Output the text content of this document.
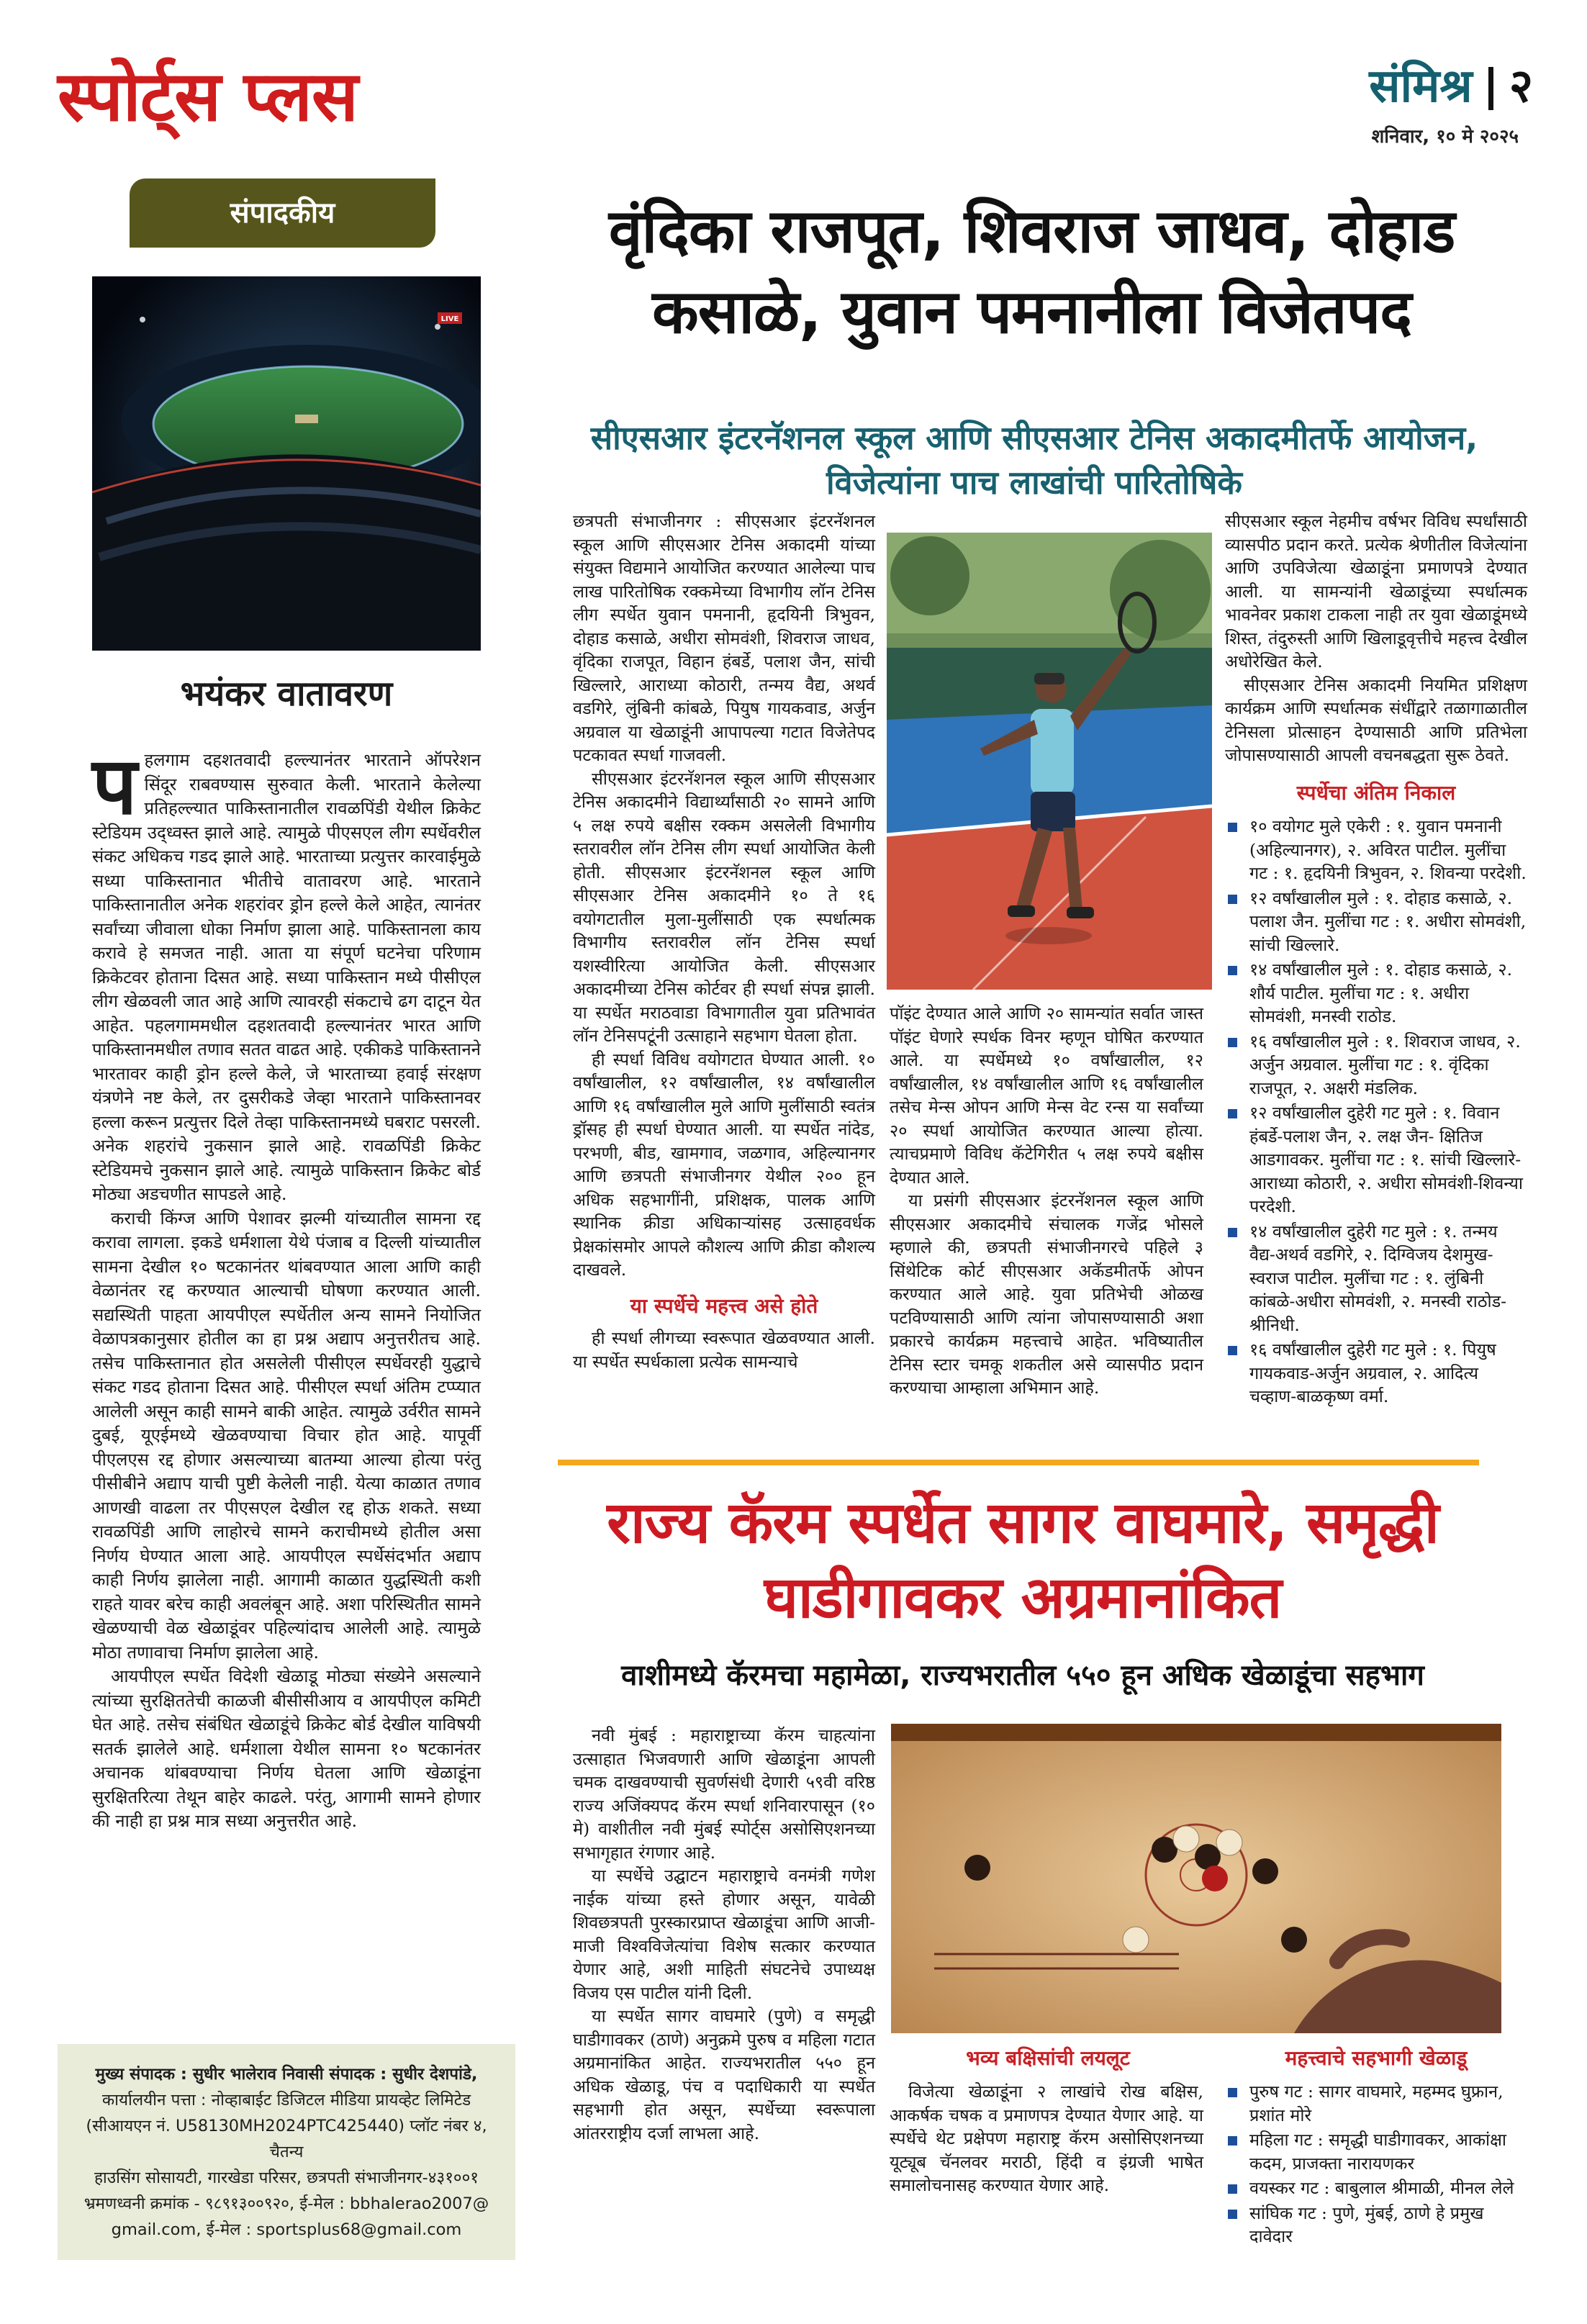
स्पोर्ट्स प्लस	संमिश्र २
शनिवार, १० मे २०२५
संपादकीय
LIVE
भयंकर वातावरण

पहलगाम दहशतवादी हल्ल्यानंतर भारताने ऑपरेशन सिंदूर राबवण्यास सुरुवात केली. भारताने केलेल्या प्रतिहल्ल्यात पाकिस्तानातील रावळपिंडी येथील क्रिकेट स्टेडियम उद्ध्वस्त झाले आहे. त्यामुळे पीएसएल लीग स्पर्धेवरील संकट अधिकच गडद झाले आहे. भारताच्या प्रत्युत्तर कारवाईमुळे सध्या पाकिस्तानात भीतीचे वातावरण आहे. भारताने पाकिस्तानातील अनेक शहरांवर ड्रोन हल्ले केले आहेत, त्यानंतर सर्वांच्या जीवाला धोका निर्माण झाला आहे. पाकिस्तानला काय करावे हे समजत नाही. आता या संपूर्ण घटनेचा परिणाम क्रिकेटवर होताना दिसत आहे. सध्या पाकिस्तान मध्ये पीसीएल लीग खेळवली जात आहे आणि त्यावरही संकटाचे ढग दाटून येत आहेत. पहलगाममधील दहशतवादी हल्ल्यानंतर भारत आणि पाकिस्तानमधील तणाव सतत वाढत आहे. एकीकडे पाकिस्तानने भारतावर काही ड्रोन हल्ले केले, जे भारताच्या हवाई संरक्षण यंत्रणेने नष्ट केले, तर दुसरीकडे जेव्हा भारताने पाकिस्तानवर हल्ला करून प्रत्युत्तर दिले तेव्हा पाकिस्तानमध्ये घबराट पसरली. अनेक शहरांचे नुकसान झाले आहे. रावळपिंडी क्रिकेट स्टेडियमचे नुकसान झाले आहे. त्यामुळे पाकिस्तान क्रिकेट बोर्ड मोठ्या अडचणीत सापडले आहे.

कराची किंग्ज आणि पेशावर झल्मी यांच्यातील सामना रद्द करावा लागला. इकडे धर्मशाला येथे पंजाब व दिल्ली यांच्यातील सामना देखील १० षटकानंतर थांबवण्यात आला आणि काही वेळानंतर रद्द करण्यात आल्याची घोषणा करण्यात आली. सद्यस्थिती पाहता आयपीएल स्पर्धेतील अन्य सामने नियोजित वेळापत्रकानुसार होतील का हा प्रश्न अद्याप अनुत्तरीतच आहे. तसेच पाकिस्तानात होत असलेली पीसीएल स्पर्धेवरही युद्धाचे संकट गडद होताना दिसत आहे. पीसीएल स्पर्धा अंतिम टप्प्यात आलेली असून काही सामने बाकी आहेत. त्यामुळे उर्वरीत सामने दुबई, यूएईमध्ये खेळवण्याचा विचार होत आहे. यापूर्वी पीएलएस रद्द होणार असल्याच्या बातम्या आल्या होत्या परंतु पीसीबीने अद्याप याची पुष्टी केलेली नाही. येत्या काळात तणाव आणखी वाढला तर पीएसएल देखील रद्द होऊ शकते. सध्या रावळपिंडी आणि लाहोरचे सामने कराचीमध्ये होतील असा निर्णय घेण्यात आला आहे. आयपीएल स्पर्धेसंदर्भात अद्याप काही निर्णय झालेला नाही. आगामी काळात युद्धस्थिती कशी राहते यावर बरेच काही अवलंबून आहे. अशा परिस्थितीत सामने खेळण्याची वेळ खेळाडूंवर पहिल्यांदाच आलेली आहे. त्यामुळे मोठा तणावाचा निर्माण झालेला आहे.

आयपीएल स्पर्धेत विदेशी खेळाडू मोठ्या संख्येने असल्याने त्यांच्या सुरक्षिततेची काळजी बीसीसीआय व आयपीएल कमिटी घेत आहे. तसेच संबंधित खेळाडूंचे क्रिकेट बोर्ड देखील याविषयी सतर्क झालेले आहे. धर्मशाला येथील सामना १० षटकानंतर अचानक थांबवण्याचा निर्णय घेतला आणि खेळाडूंना सुरक्षितरित्या तेथून बाहेर काढले. परंतु, आगामी सामने होणार की नाही हा प्रश्न मात्र सध्या अनुत्तरीत आहे.

मुख्य संपादक : सुधीर भालेराव निवासी संपादक : सुधीर देशपांडे,
कार्यालयीन पत्ता : नोव्हाबाईट डिजिटल मीडिया प्रायव्हेट लिमिटेड
(सीआयएन नं. U58130MH2024PTC425440) प्लॉट नंबर ४, चैतन्य
हाउसिंग सोसायटी, गारखेडा परिसर, छत्रपती संभाजीनगर-४३१००१
भ्रमणध्वनी क्रमांक - ९८९१३००९२०, ई-मेल : bbhalerao2007@
gmail.com, ई-मेल : sportsplus68@gmail.com
वृंदिका राजपूत, शिवराज जाधव, दोहाड कसाळे, युवान पमनानीला विजेतपद
सीएसआर इंटरनॅशनल स्कूल आणि सीएसआर टेनिस अकादमीतर्फे आयोजन, विजेत्यांना पाच लाखांची पारितोषिके

छत्रपती संभाजीनगर : सीएसआर इंटरनॅशनल स्कूल आणि सीएसआर टेनिस अकादमी यांच्या संयुक्त विद्यमाने आयोजित करण्यात आलेल्या पाच लाख पारितोषिक रक्कमेच्या विभागीय लॉन टेनिस लीग स्पर्धेत युवान पमनानी, हृदयिनी त्रिभुवन, दोहाड कसाळे, अधीरा सोमवंशी, शिवराज जाधव, वृंदिका राजपूत, विहान हंबर्डे, पलाश जैन, सांची खिल्लारे, आराध्या कोठारी, तन्मय वैद्य, अथर्व वडगिरे, लुंबिनी कांबळे, पियुष गायकवाड, अर्जुन अग्रवाल या खेळाडूंनी आपापल्या गटात विजेतेपद पटकावत स्पर्धा गाजवली.

सीएसआर इंटरनॅशनल स्कूल आणि सीएसआर टेनिस अकादमीने विद्यार्थ्यांसाठी २० सामने आणि ५ लक्ष रुपये बक्षीस रक्कम असलेली विभागीय स्तरावरील लॉन टेनिस लीग स्पर्धा आयोजित केली होती. सीएसआर इंटरनॅशनल स्कूल आणि सीएसआर टेनिस अकादमीने १० ते १६ वयोगटातील मुला-मुलींसाठी एक स्पर्धात्मक विभागीय स्तरावरील लॉन टेनिस स्पर्धा यशस्वीरित्या आयोजित केली. सीएसआर अकादमीच्या टेनिस कोर्टवर ही स्पर्धा संपन्न झाली. या स्पर्धेत मराठवाडा विभागातील युवा प्रतिभावंत लॉन टेनिसपटूंनी उत्साहाने सहभाग घेतला होता.

ही स्पर्धा विविध वयोगटात घेण्यात आली. १० वर्षांखालील, १२ वर्षांखालील, १४ वर्षांखालील आणि १६ वर्षांखालील मुले आणि मुलींसाठी स्वतंत्र ड्रॉसह ही स्पर्धा घेण्यात आली. या स्पर्धेत नांदेड, परभणी, बीड, खामगाव, जळगाव, अहिल्यानगर आणि छत्रपती संभाजीनगर येथील २०० हून अधिक सहभागींनी, प्रशिक्षक, पालक आणि स्थानिक क्रीडा अधिकाऱ्यांसह उत्साहवर्धक प्रेक्षकांसमोर आपले कौशल्य आणि क्रीडा कौशल्य दाखवले.

या स्पर्धेचे महत्त्व असे होते

ही स्पर्धा लीगच्या स्वरूपात खेळवण्यात आली. या स्पर्धेत स्पर्धकाला प्रत्येक सामन्याचे

पॉइंट देण्यात आले आणि २० सामन्यांत सर्वात जास्त पॉइंट घेणारे स्पर्धक विनर म्हणून घोषित करण्यात आले. या स्पर्धेमध्ये १० वर्षांखालील, १२ वर्षांखालील, १४ वर्षांखालील आणि १६ वर्षांखालील तसेच मेन्स ओपन आणि मेन्स वेट रन्स या सर्वांच्या २० स्पर्धा आयोजित करण्यात आल्या होत्या. त्याचप्रमाणे विविध कॅटेगिरीत ५ लक्ष रुपये बक्षीस देण्यात आले.

या प्रसंगी सीएसआर इंटरनॅशनल स्कूल आणि सीएसआर अकादमीचे संचालक गजेंद्र भोसले म्हणाले की, छत्रपती संभाजीनगरचे पहिले ३ सिंथेटिक कोर्ट सीएसआर अकॅडमीतर्फे ओपन करण्यात आले आहे. युवा प्रतिभेची ओळख पटविण्यासाठी आणि त्यांना जोपासण्यासाठी अशा प्रकारचे कार्यक्रम महत्त्वाचे आहेत. भविष्यातील टेनिस स्टार चमकू शकतील असे व्यासपीठ प्रदान करण्याचा आम्हाला अभिमान आहे.

सीएसआर स्कूल नेहमीच वर्षभर विविध स्पर्धांसाठी व्यासपीठ प्रदान करते. प्रत्येक श्रेणीतील विजेत्यांना आणि उपविजेत्या खेळाडूंना प्रमाणपत्रे देण्यात आली. या सामन्यांनी खेळाडूंच्या स्पर्धात्मक भावनेवर प्रकाश टाकला नाही तर युवा खेळाडूंमध्ये शिस्त, तंदुरुस्ती आणि खिलाडूवृत्तीचे महत्त्व देखील अधोरेखित केले.

सीएसआर टेनिस अकादमी नियमित प्रशिक्षण कार्यक्रम आणि स्पर्धात्मक संधींद्वारे तळागाळातील टेनिसला प्रोत्साहन देण्यासाठी आणि प्रतिभेला जोपासण्यासाठी आपली वचनबद्धता सुरू ठेवते.

स्पर्धेचा अंतिम निकाल
१० वयोगट मुले एकेरी : १. युवान पमनानी (अहिल्यानगर), २. अविरत पाटील. मुलींचा गट : १. हृदयिनी त्रिभुवन, २. शिवन्या परदेशी.
१२ वर्षांखालील मुले : १. दोहाड कसाळे, २. पलाश जैन. मुलींचा गट : १. अधीरा सोमवंशी, सांची खिल्लारे.
१४ वर्षांखालील मुले : १. दोहाड कसाळे, २. शौर्य पाटील. मुलींचा गट : १. अधीरा सोमवंशी, मनस्वी राठोड.
१६ वर्षांखालील मुले : १. शिवराज जाधव, २. अर्जुन अग्रवाल. मुलींचा गट : १. वृंदिका राजपूत, २. अक्षरी मंडलिक.
१२ वर्षांखालील दुहेरी गट मुले : १. विवान हंबर्डे-पलाश जैन, २. लक्ष जैन- क्षितिज आडगावकर. मुलींचा गट : १. सांची खिल्लारे-आराध्या कोठारी, २. अधीरा सोमवंशी-शिवन्या परदेशी.
१४ वर्षांखालील दुहेरी गट मुले : १. तन्मय वैद्य-अथर्व वडगिरे, २. दिग्विजय देशमुख-स्वराज पाटील. मुलींचा गट : १. लुंबिनी कांबळे-अधीरा सोमवंशी, २. मनस्वी राठोड- श्रीनिधी.
१६ वर्षांखालील दुहेरी गट मुले : १. पियुष गायकवाड-अर्जुन अग्रवाल, २. आदित्य चव्हाण-बाळकृष्ण वर्मा.
राज्य कॅरम स्पर्धेत सागर वाघमारे, समृद्धी घाडीगावकर अग्रमानांकित
वाशीमध्ये कॅरमचा महामेळा, राज्यभरातील ५५० हून अधिक खेळाडूंचा सहभाग

नवी मुंबई : महाराष्ट्राच्या कॅरम चाहत्यांना उत्साहात भिजवणारी आणि खेळाडूंना आपली चमक दाखवण्याची सुवर्णसंधी देणारी ५९वी वरिष्ठ राज्य अजिंक्यपद कॅरम स्पर्धा शनिवारपासून (१० मे) वाशीतील नवी मुंबई स्पोर्ट्स असोसिएशनच्या सभागृहात रंगणार आहे.

या स्पर्धेचे उद्घाटन महाराष्ट्राचे वनमंत्री गणेश नाईक यांच्या हस्ते होणार असून, यावेळी शिवछत्रपती पुरस्कारप्राप्त खेळाडूंचा आणि आजी-माजी विश्वविजेत्यांचा विशेष सत्कार करण्यात येणार आहे, अशी माहिती संघटनेचे उपाध्यक्ष विजय एस पाटील यांनी दिली.

या स्पर्धेत सागर वाघमारे (पुणे) व समृद्धी घाडीगावकर (ठाणे) अनुक्रमे पुरुष व महिला गटात अग्रमानांकित आहेत. राज्यभरातील ५५० हून अधिक खेळाडू, पंच व पदाधिकारी या स्पर्धेत सहभागी होत असून, स्पर्धेच्या स्वरूपाला आंतरराष्ट्रीय दर्जा लाभला आहे.

भव्य बक्षिसांची लयलूट	महत्त्वाचे सहभागी खेळाडू

विजेत्या खेळाडूंना २ लाखांचे रोख बक्षिस, आकर्षक चषक व प्रमाणपत्र देण्यात येणार आहे. या स्पर्धेचे थेट प्रक्षेपण महाराष्ट्र कॅरम असोसिएशनच्या यूट्यूब चॅनलवर मराठी, हिंदी व इंग्रजी भाषेत समालोचनासह करण्यात येणार आहे.

पुरुष गट : सागर वाघमारे, महम्मद घुफ्रान, प्रशांत मोरे
महिला गट : समृद्धी घाडीगावकर, आकांक्षा कदम, प्राजक्ता नारायणकर
वयस्कर गट : बाबुलाल श्रीमाळी, मीनल लेले
सांघिक गट : पुणे, मुंबई, ठाणे हे प्रमुख दावेदार
